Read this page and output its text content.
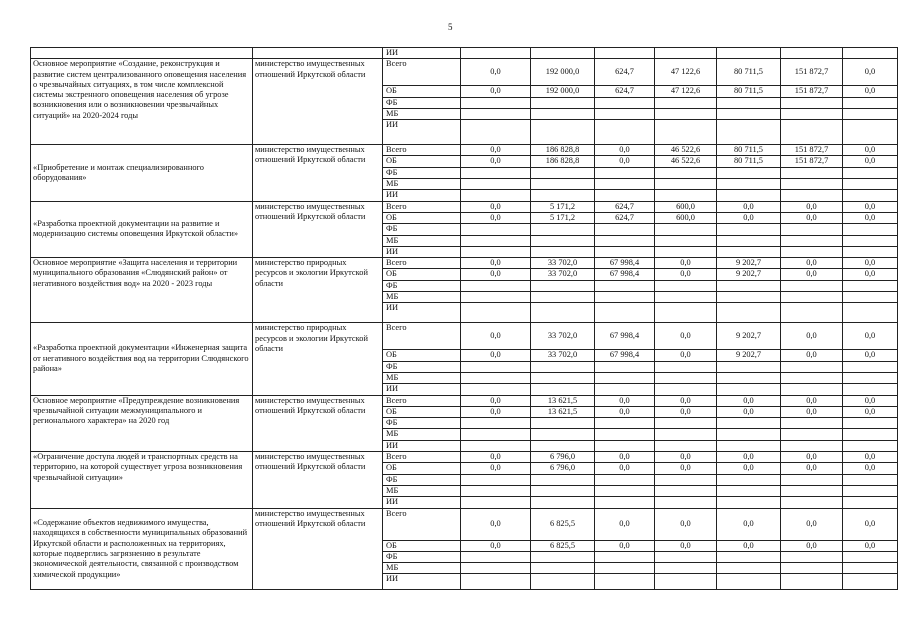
5
		ИИ							
Основное мероприятие «Создание, реконструкция и развитие систем централизованного оповещения населения о чрезвычайных ситуациях, в том числе комплексной системы экстренного оповещения населения об угрозе возникновения или о возникновении чрезвычайных ситуаций» на 2020-2024 годы	министерство имущественных отношений Иркутской области	Всего	0,0	192 000,0	624,7	47 122,6	80 711,5	151 872,7	0,0
		ОБ	0,0	192 000,0	624,7	47 122,6	80 711,5	151 872,7	0,0
		ФБ							
		МБ							
		ИИ							
«Приобретение и монтаж специализированного оборудования»	министерство имущественных отношений Иркутской области	Всего	0,0	186 828,8	0,0	46 522,6	80 711,5	151 872,7	0,0
		ОБ	0,0	186 828,8	0,0	46 522,6	80 711,5	151 872,7	0,0
		ФБ							
		МБ							
		ИИ							
«Разработка проектной документации на развитие и модернизацию системы оповещения Иркутской области»	министерство имущественных отношений Иркутской области	Всего	0,0	5 171,2	624,7	600,0	0,0	0,0	0,0
		ОБ	0,0	5 171,2	624,7	600,0	0,0	0,0	0,0
		ФБ							
		МБ							
		ИИ							
Основное мероприятие «Защита населения и территории муниципального образования «Слюдянский район» от негативного воздействия вод» на 2020 - 2023 годы	министерство природных ресурсов и экологии Иркутской области	Всего	0,0	33 702,0	67 998,4	0,0	9 202,7	0,0	0,0
		ОБ	0,0	33 702,0	67 998,4	0,0	9 202,7	0,0	0,0
		ФБ							
		МБ							
		ИИ							
«Разработка проектной документации «Инженерная защита от негативного воздействия вод на территории Слюдянского района»	министерство природных ресурсов и экологии Иркутской области	Всего	0,0	33 702,0	67 998,4	0,0	9 202,7	0,0	0,0
		ОБ	0,0	33 702,0	67 998,4	0,0	9 202,7	0,0	0,0
		ФБ							
		МБ							
		ИИ							
Основное мероприятие «Предупреждение возникновения чрезвычайной ситуации межмуниципального и регионального характера» на 2020 год	министерство имущественных отношений Иркутской области	Всего	0,0	13 621,5	0,0	0,0	0,0	0,0	0,0
		ОБ	0,0	13 621,5	0,0	0,0	0,0	0,0	0,0
		ФБ							
		МБ							
		ИИ							
«Ограничение доступа людей и транспортных средств на территорию, на которой существует угроза возникновения чрезвычайной ситуации»	министерство имущественных отношений Иркутской области	Всего	0,0	6 796,0	0,0	0,0	0,0	0,0	0,0
		ОБ	0,0	6 796,0	0,0	0,0	0,0	0,0	0,0
		ФБ							
		МБ							
		ИИ							
«Содержание объектов недвижимого имущества, находящихся в собственности муниципальных образований Иркутской области и расположенных на территориях, которые подверглись загрязнению в результате экономической деятельности, связанной с производством химической продукции»	министерство имущественных отношений Иркутской области	Всего	0,0	6 825,5	0,0	0,0	0,0	0,0	0,0
		ОБ	0,0	6 825,5	0,0	0,0	0,0	0,0	0,0
		ФБ							
		МБ							
		ИИ							
